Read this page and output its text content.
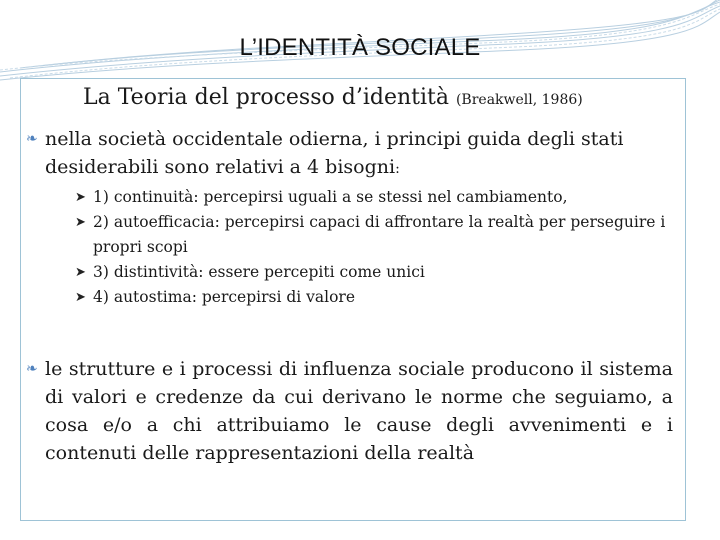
L’IDENTITÀ SOCIALE
La Teoria del processo d’identità (Breakwell, 1986)
❧ nella società occidentale odierna, i principi guida degli stati desiderabili sono relativi a 4 bisogni:
➤ 1) continuità: percepirsi uguali a se stessi nel cambiamento,
➤ 2) autoefficacia: percepirsi capaci di affrontare la realtà per perseguire i propri scopi
➤ 3) distintività: essere percepiti come unici
➤ 4) autostima: percepirsi di valore
❧ le strutture e i processi di influenza sociale producono il sistema di valori e credenze da cui derivano le norme che seguiamo, a cosa e/o a chi attribuiamo le cause degli avvenimenti e i contenuti delle rappresentazioni della realtà
